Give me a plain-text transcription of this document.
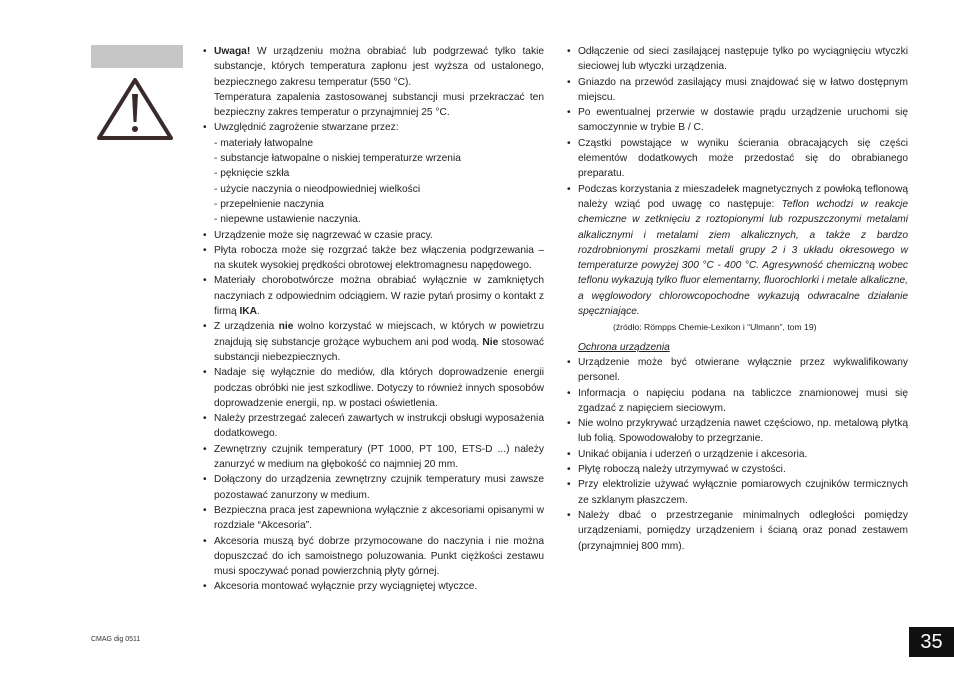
• Uwaga! W urządzeniu można obrabiać lub podgrzewać tylko takie substancje, których temperatura zapłonu jest wyższa od ustalonego, bezpiecznego zakresu temperatur (550 °C).
Temperatura zapalenia zastosowanej substancji musi przekraczać ten bezpieczny zakres temperatur o przynajmniej 25 °C.
• Uwzględnić zagrożenie stwarzane przez:
- materiały łatwopalne
- substancje łatwopalne o niskiej temperaturze wrzenia
- pęknięcie szkła
- użycie naczynia o nieodpowiedniej wielkości
- przepełnienie naczynia
- niepewne ustawienie naczynia.
• Urządzenie może się nagrzewać w czasie pracy.
• Płyta robocza może się rozgrzać także bez włączenia podgrzewania – na skutek wysokiej prędkości obrotowej elektromagnesu napędowego.
• Materiały chorobotwórcze można obrabiać wyłącznie w zamkniętych naczyniach z odpowiednim odciągiem. W razie pytań prosimy o kontakt z firmą IKA.
• Z urządzenia nie wolno korzystać w miejscach, w których w powietrzu znajdują się substancje grożące wybuchem ani pod wodą. Nie stosować substancji niebezpiecznych.
• Nadaje się wyłącznie do mediów, dla których doprowadzenie energii podczas obróbki nie jest szkodliwe. Dotyczy to również innych sposobów doprowadzenie energii, np. w postaci oświetlenia.
• Należy przestrzegać zaleceń zawartych w instrukcji obsługi wyposażenia dodatkowego.
• Zewnętrzny czujnik temperatury (PT 1000, PT 100, ETS-D ...) należy zanurzyć w medium na głębokość co najmniej 20 mm.
• Dołączony do urządzenia zewnętrzny czujnik temperatury musi zawsze pozostawać zanurzony w medium.
• Bezpieczna praca jest zapewniona wyłącznie z akcesoriami opisanymi w rozdziale “Akcesoria”.
• Akcesoria muszą być dobrze przymocowane do naczynia i nie można dopuszczać do ich samoistnego poluzowania. Punkt ciężkości zestawu musi spoczywać ponad powierzchnią płyty górnej.
• Akcesoria montować wyłącznie przy wyciągniętej wtyczce.
• Odłączenie od sieci zasilającej następuje tylko po wyciągnięciu wtyczki sieciowej lub wtyczki urządzenia.
• Gniazdo na przewód zasilający musi znajdować się w łatwo dostępnym miejscu.
• Po ewentualnej przerwie w dostawie prądu urządzenie uruchomi się samoczynnie w trybie B / C.
• Cząstki powstające w wyniku ścierania obracających się części elementów dodatkowych może przedostać się do obrabianego preparatu.
• Podczas korzystania z mieszadełek magnetycznych z powłoką teflonową należy wziąć pod uwagę co następuje: Teflon wchodzi w reakcje chemiczne w zetknięciu z roztopionymi lub rozpuszczonymi metalami alkalicznymi i metalami ziem alkalicznych, a także z bardzo rozdrobnionymi proszkami metali grupy 2 i 3 układu okresowego w temperaturze powyżej 300 °C - 400 °C. Agresywność chemiczną wobec teflonu wykazują tylko fluor elementarny, fluorochlorki i metale alkaliczne, a węglowodory chlorowcopochodne wykazują odwracalne działanie spęczniające.
(źródło: Römpps Chemie-Lexikon i “Ulmann”, tom 19)
Ochrona urządzenia
• Urządzenie może być otwierane wyłącznie przez wykwalifikowany personel.
• Informacja o napięciu podana na tabliczce znamionowej musi się zgadzać z napięciem sieciowym.
• Nie wolno przykrywać urządzenia nawet częściowo, np. metalową płytką lub folią. Spowodowałoby to przegrzanie.
• Unikać obijania i uderzeń o urządzenie i akcesoria.
• Płytę roboczą należy utrzymywać w czystości.
• Przy elektrolizie używać wyłącznie pomiarowych czujników termicznych ze szklanym płaszczem.
• Należy dbać o przestrzeganie minimalnych odległości pomiędzy urządzeniami, pomiędzy urządzeniem i ścianą oraz ponad zestawem (przynajmniej 800 mm).
CMAG dig 0511	35
